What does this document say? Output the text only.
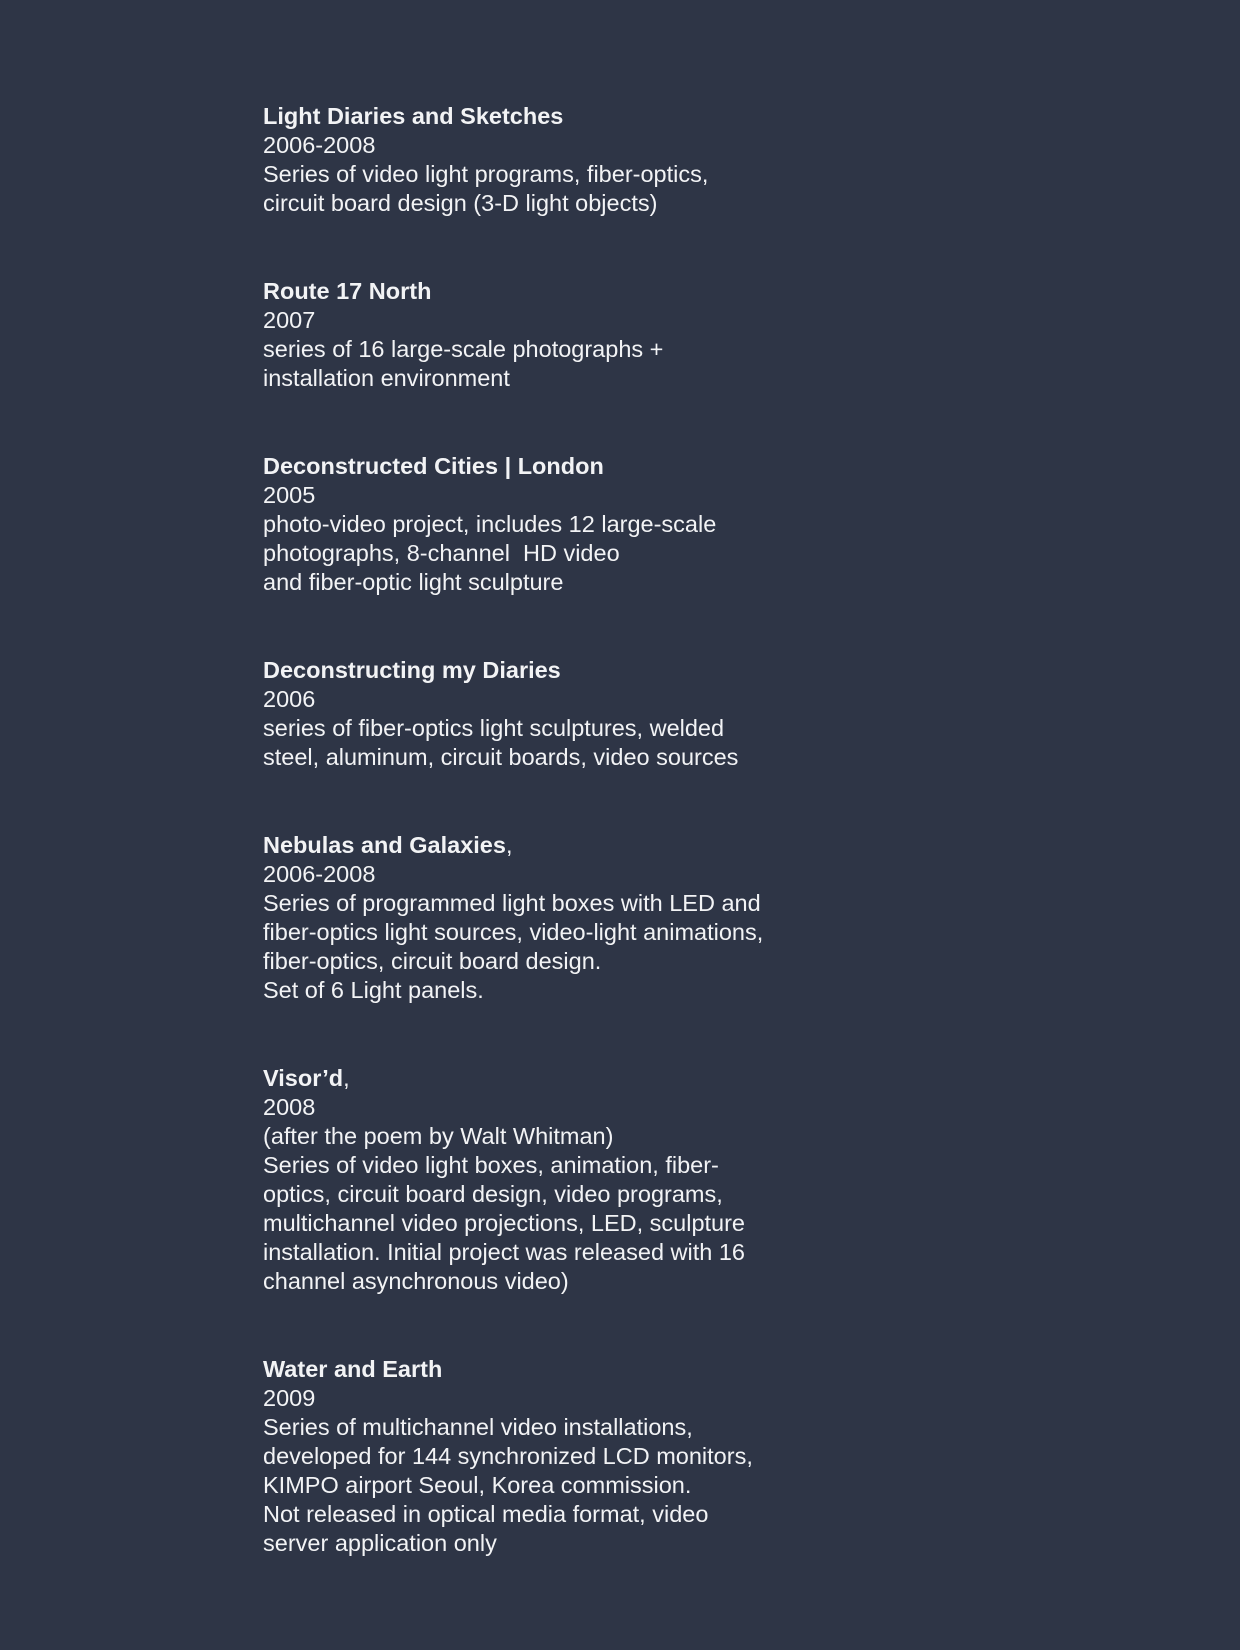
Light Diaries and Sketches

2006-2008

Series of video light programs, fiber-optics,

circuit board design (3-D light objects)

Route 17 North

2007

series of 16 large-scale photographs +

installation environment

Deconstructed Cities | London

2005

photo-video project, includes 12 large-scale

photographs, 8-channel  HD video

and fiber-optic light sculpture

Deconstructing my Diaries

2006

series of fiber-optics light sculptures, welded

steel, aluminum, circuit boards, video sources

Nebulas and Galaxies,

2006-2008

Series of programmed light boxes with LED and

fiber-optics light sources, video-light animations,

fiber-optics, circuit board design.

Set of 6 Light panels.

Visor’d,

2008

(after the poem by Walt Whitman)

Series of video light boxes, animation, fiber-

optics, circuit board design, video programs,

multichannel video projections, LED, sculpture

installation. Initial project was released with 16

channel asynchronous video)

Water and Earth

2009

Series of multichannel video installations,

developed for 144 synchronized LCD monitors,

KIMPO airport Seoul, Korea commission.

Not released in optical media format, video

server application only
